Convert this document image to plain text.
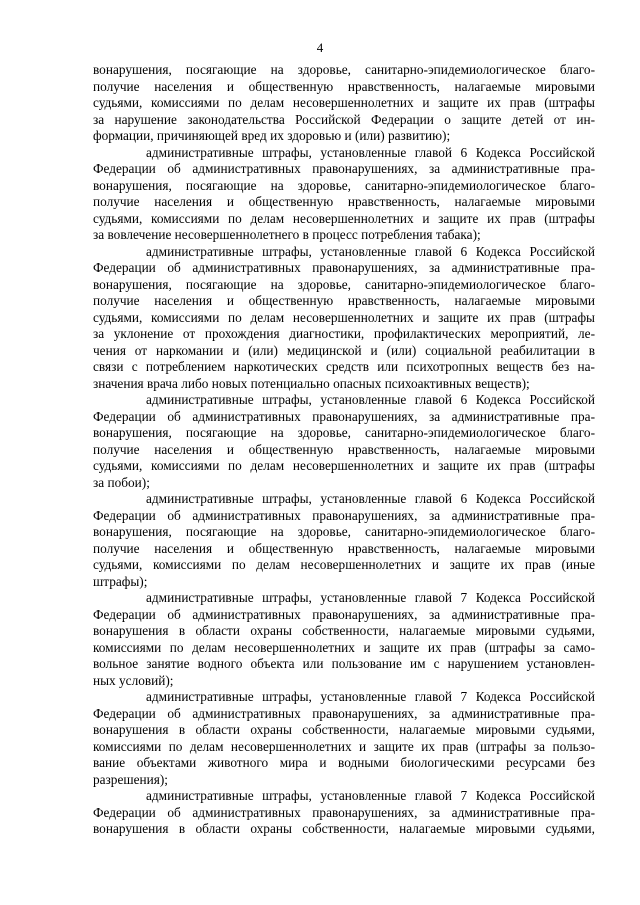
4
вонарушения, посягающие на здоровье, санитарно-эпидемиологическое благо-
получие населения и общественную нравственность, налагаемые мировыми
судьями, комиссиями по делам несовершеннолетних и защите их прав (штрафы
за нарушение законодательства Российской Федерации о защите детей от ин-
формации, причиняющей вред их здоровью и (или) развитию);
административные штрафы, установленные главой 6 Кодекса Российской
Федерации об административных правонарушениях, за административные пра-
вонарушения, посягающие на здоровье, санитарно-эпидемиологическое благо-
получие населения и общественную нравственность, налагаемые мировыми
судьями, комиссиями по делам несовершеннолетних и защите их прав (штрафы
за вовлечение несовершеннолетнего в процесс потребления табака);
административные штрафы, установленные главой 6 Кодекса Российской
Федерации об административных правонарушениях, за административные пра-
вонарушения, посягающие на здоровье, санитарно-эпидемиологическое благо-
получие населения и общественную нравственность, налагаемые мировыми
судьями, комиссиями по делам несовершеннолетних и защите их прав (штрафы
за уклонение от прохождения диагностики, профилактических мероприятий, ле-
чения от наркомании и (или) медицинской и (или) социальной реабилитации в
связи с потреблением наркотических средств или психотропных веществ без на-
значения врача либо новых потенциально опасных психоактивных веществ);
административные штрафы, установленные главой 6 Кодекса Российской
Федерации об административных правонарушениях, за административные пра-
вонарушения, посягающие на здоровье, санитарно-эпидемиологическое благо-
получие населения и общественную нравственность, налагаемые мировыми
судьями, комиссиями по делам несовершеннолетних и защите их прав (штрафы
за побои);
административные штрафы, установленные главой 6 Кодекса Российской
Федерации об административных правонарушениях, за административные пра-
вонарушения, посягающие на здоровье, санитарно-эпидемиологическое благо-
получие населения и общественную нравственность, налагаемые мировыми
судьями, комиссиями по делам несовершеннолетних и защите их прав (иные
штрафы);
административные штрафы, установленные главой 7 Кодекса Российской
Федерации об административных правонарушениях, за административные пра-
вонарушения в области охраны собственности, налагаемые мировыми судьями,
комиссиями по делам несовершеннолетних и защите их прав (штрафы за само-
вольное занятие водного объекта или пользование им с нарушением установлен-
ных условий);
административные штрафы, установленные главой 7 Кодекса Российской
Федерации об административных правонарушениях, за административные пра-
вонарушения в области охраны собственности, налагаемые мировыми судьями,
комиссиями по делам несовершеннолетних и защите их прав (штрафы за пользо-
вание объектами животного мира и водными биологическими ресурсами без
разрешения);
административные штрафы, установленные главой 7 Кодекса Российской
Федерации об административных правонарушениях, за административные пра-
вонарушения в области охраны собственности, налагаемые мировыми судьями,
